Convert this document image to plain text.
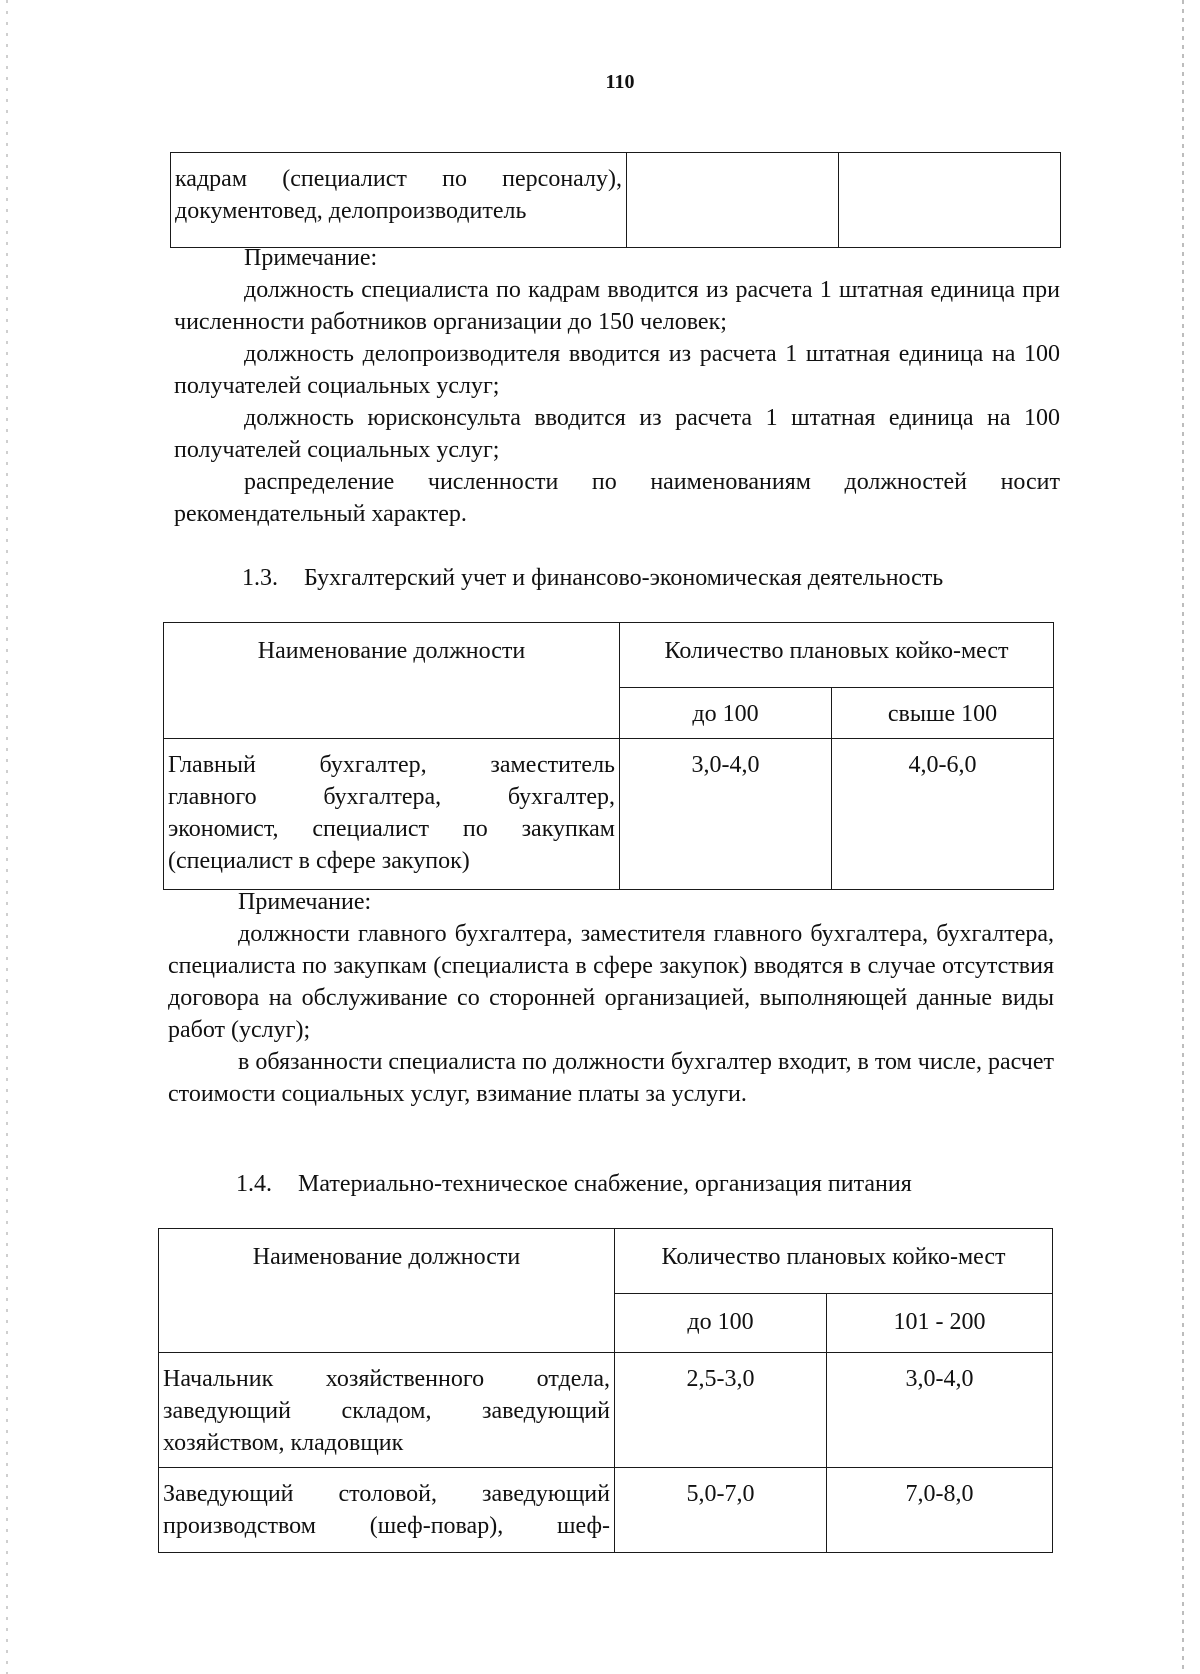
110
кадрам (специалист по персоналу),

документовед, делопроизводитель

Примечание:

должность специалиста по кадрам вводится из расчета 1 штатная единица при численности работников организации до 150 человек;

должность делопроизводителя вводится из расчета 1 штатная единица на 100 получателей социальных услуг;

должность юрисконсульта вводится из расчета 1 штатная единица на 100 получателей социальных услуг;

распределение численности по наименованиям должностей носит рекомендательный характер.

1.3. Бухгалтерский учет и финансово-экономическая деятельность
Наименование должности	Количество плановых койко-мест	
	до 100	свыше 100
Главный бухгалтер, заместитель
главного бухгалтера, бухгалтер,
экономист, специалист по закупкам

(специалист в сфере закупок)	3,0-4,0	4,0-6,0
Примечание:

должности главного бухгалтера, заместителя главного бухгалтера, бухгалтера, специалиста по закупкам (специалиста в сфере закупок) вводятся в случае отсутствия договора на обслуживание со сторонней организацией, выполняющей данные виды работ (услуг);

в обязанности специалиста по должности бухгалтер входит, в том числе, расчет стоимости социальных услуг, взимание платы за услуги.

1.4. Материально-техническое снабжение, организация питания
Наименование должности	Количество плановых койко-мест	
	до 100	101 - 200
Начальник хозяйственного отдела,
заведующий складом, заведующий

хозяйством, кладовщик	2,5-3,0	3,0-4,0
Заведующий столовой, заведующий

производством (шеф-повар), шеф-	5,0-7,0	7,0-8,0
